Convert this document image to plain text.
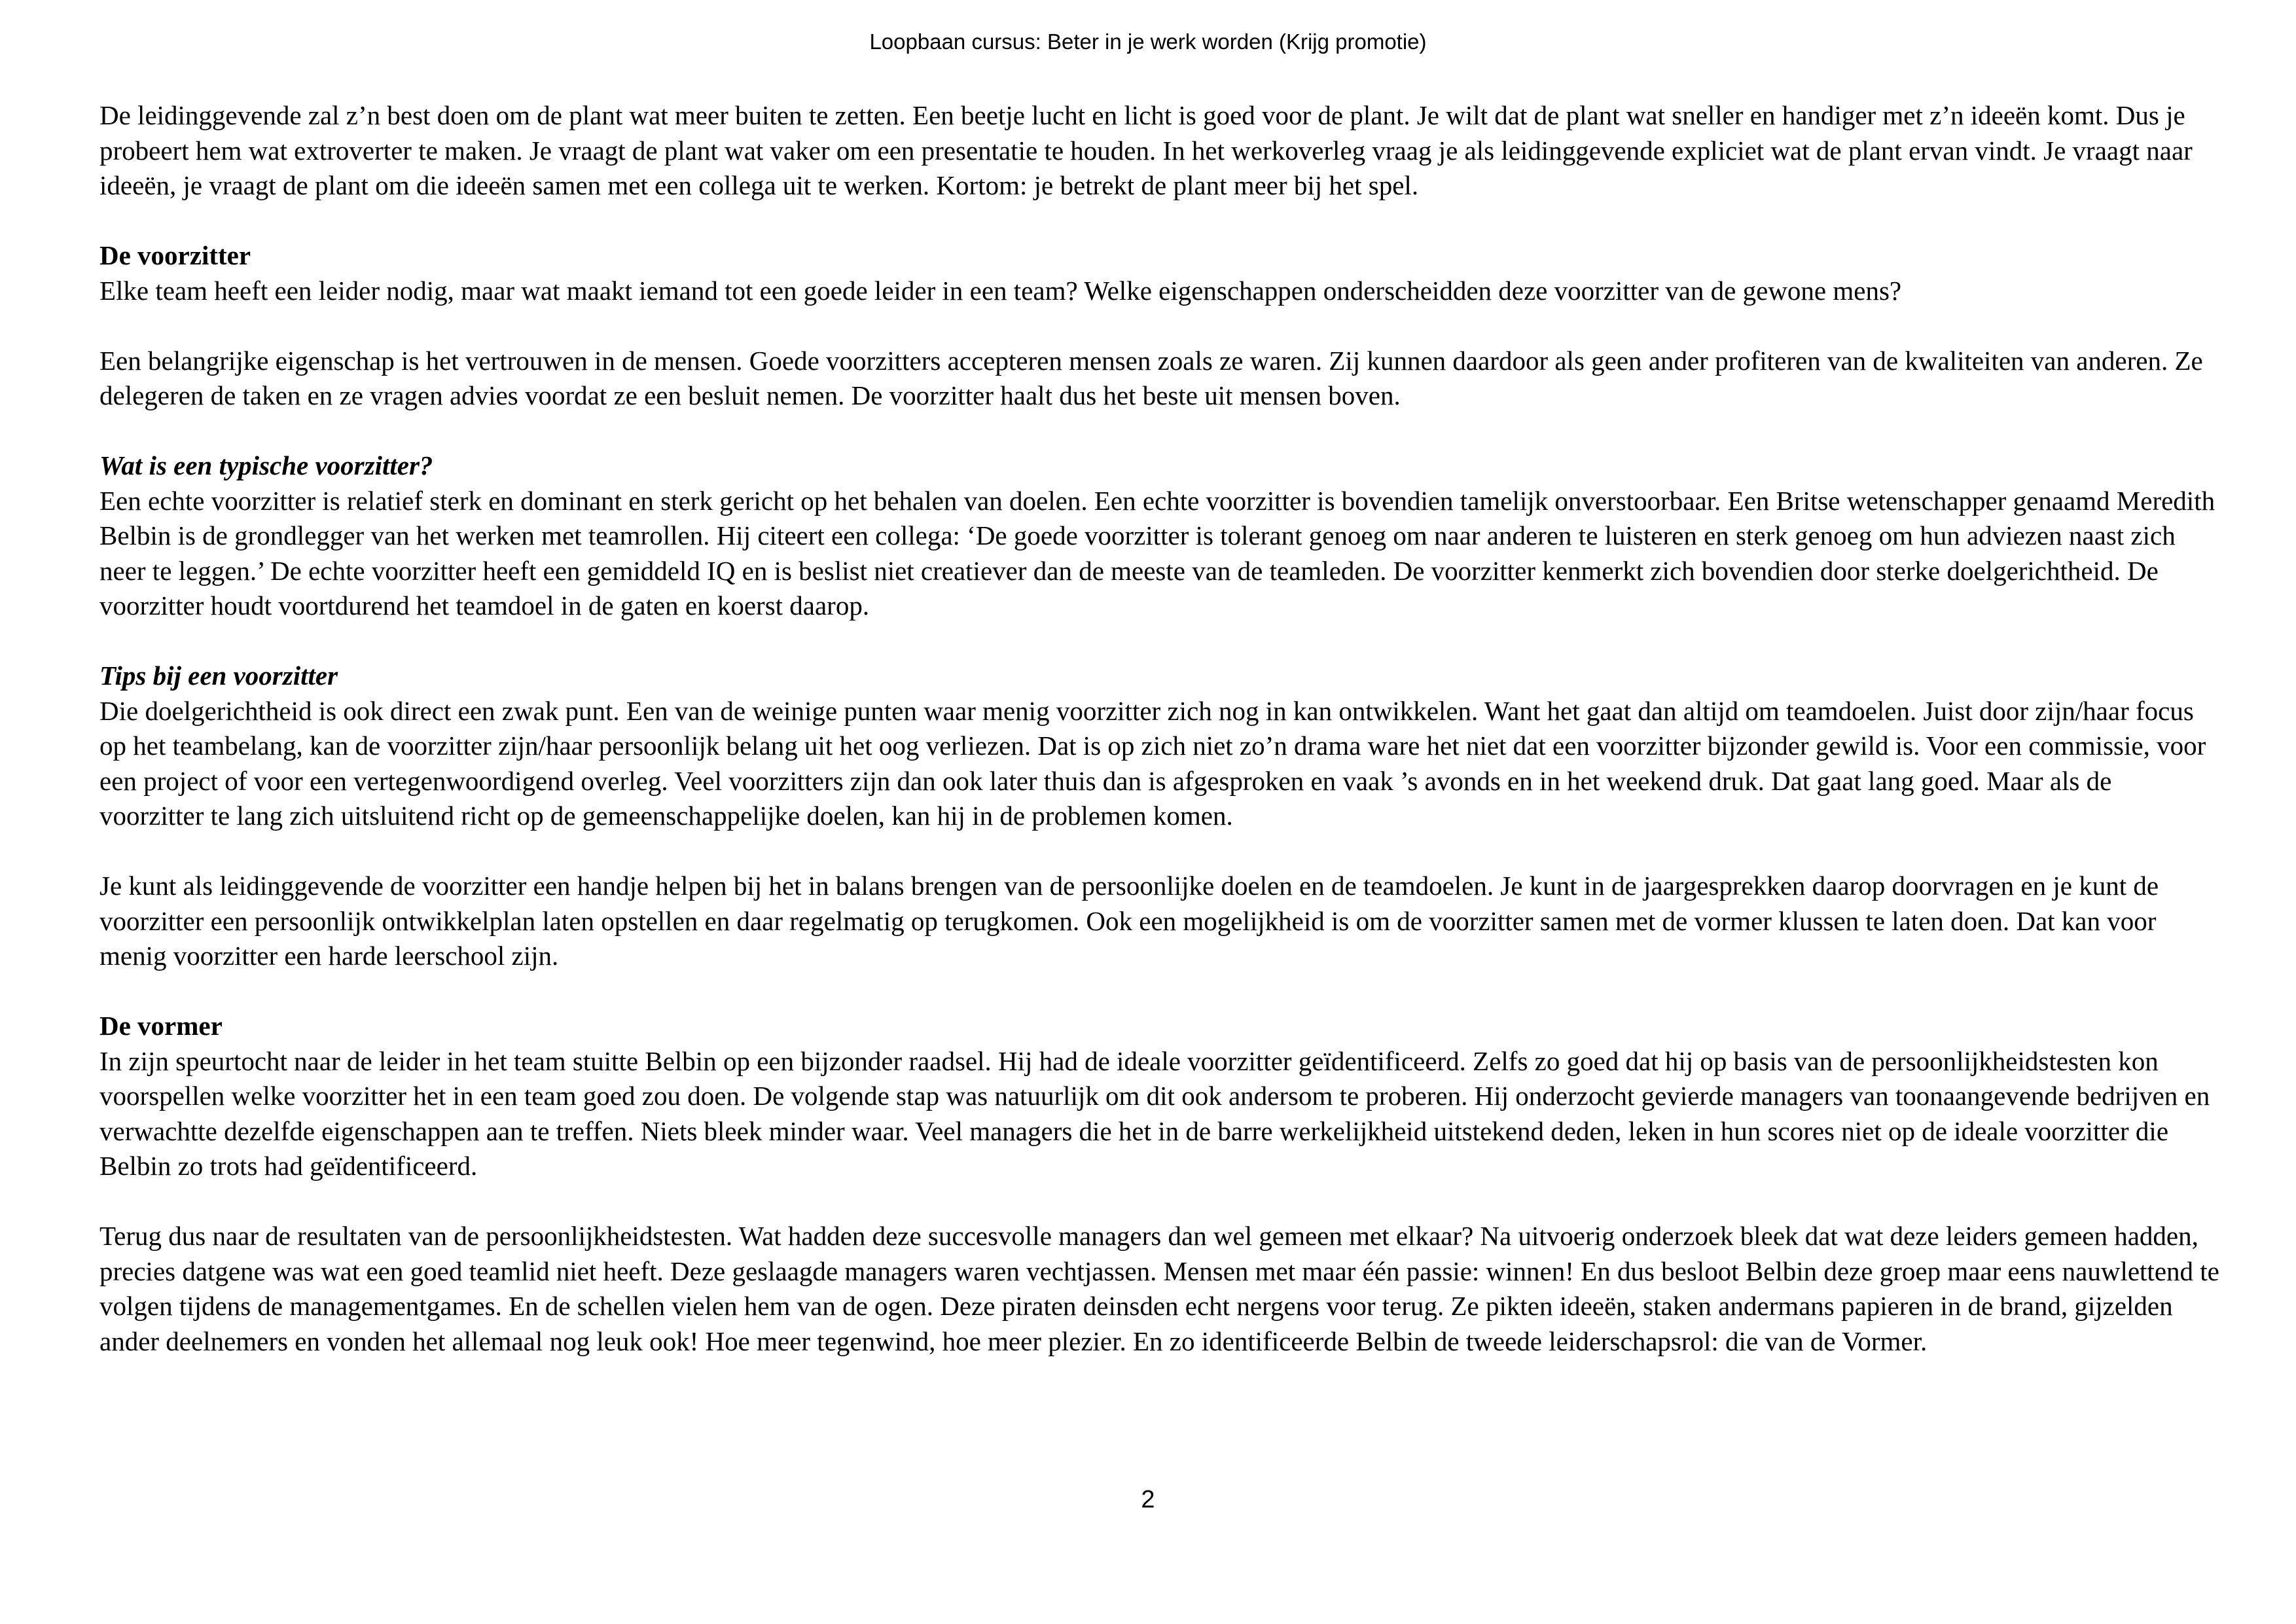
Loopbaan cursus: Beter in je werk worden (Krijg promotie)

De leidinggevende zal z’n best doen om de plant wat meer buiten te zetten. Een beetje lucht en licht is goed voor de plant. Je wilt dat de plant wat sneller en handiger met z’n ideeën komt. Dus je probeert hem wat extroverter te maken. Je vraagt de plant wat vaker om een presentatie te houden. In het werkoverleg vraag je als leidinggevende expliciet wat de plant ervan vindt. Je vraagt naar ideeën, je vraagt de plant om die ideeën samen met een collega uit te werken. Kortom: je betrekt de plant meer bij het spel.

De voorzitter

Elke team heeft een leider nodig, maar wat maakt iemand tot een goede leider in een team? Welke eigenschappen onderscheidden deze voorzitter van de gewone mens?

Een belangrijke eigenschap is het vertrouwen in de mensen. Goede voorzitters accepteren mensen zoals ze waren. Zij kunnen daardoor als geen ander profiteren van de kwaliteiten van anderen. Ze delegeren de taken en ze vragen advies voordat ze een besluit nemen. De voorzitter haalt dus het beste uit mensen boven.

Wat is een typische voorzitter?

Een echte voorzitter is relatief sterk en dominant en sterk gericht op het behalen van doelen. Een echte voorzitter is bovendien tamelijk onverstoorbaar. Een Britse wetenschapper genaamd Meredith Belbin is de grondlegger van het werken met teamrollen. Hij citeert een collega: ‘De goede voorzitter is tolerant genoeg om naar anderen te luisteren en sterk genoeg om hun adviezen naast zich neer te leggen.’ De echte voorzitter heeft een gemiddeld IQ en is beslist niet creatiever dan de meeste van de teamleden. De voorzitter kenmerkt zich bovendien door sterke doelgerichtheid. De voorzitter houdt voortdurend het teamdoel in de gaten en koerst daarop.

Tips bij een voorzitter

Die doelgerichtheid is ook direct een zwak punt. Een van de weinige punten waar menig voorzitter zich nog in kan ontwikkelen. Want het gaat dan altijd om teamdoelen. Juist door zijn/haar focus op het teambelang, kan de voorzitter zijn/haar persoonlijk belang uit het oog verliezen. Dat is op zich niet zo’n drama ware het niet dat een voorzitter bijzonder gewild is. Voor een commissie, voor een project of voor een vertegenwoordigend overleg. Veel voorzitters zijn dan ook later thuis dan is afgesproken en vaak ’s avonds en in het weekend druk. Dat gaat lang goed. Maar als de voorzitter te lang zich uitsluitend richt op de gemeenschappelijke doelen, kan hij in de problemen komen.

Je kunt als leidinggevende de voorzitter een handje helpen bij het in balans brengen van de persoonlijke doelen en de teamdoelen. Je kunt in de jaargesprekken daarop doorvragen en je kunt de voorzitter een persoonlijk ontwikkelplan laten opstellen en daar regelmatig op terugkomen. Ook een mogelijkheid is om de voorzitter samen met de vormer klussen te laten doen. Dat kan voor menig voorzitter een harde leerschool zijn.

De vormer

In zijn speurtocht naar de leider in het team stuitte Belbin op een bijzonder raadsel. Hij had de ideale voorzitter geïdentificeerd. Zelfs zo goed dat hij op basis van de persoonlijkheidstesten kon voorspellen welke voorzitter het in een team goed zou doen. De volgende stap was natuurlijk om dit ook andersom te proberen. Hij onderzocht gevierde managers van toonaangevende bedrijven en verwachtte dezelfde eigenschappen aan te treffen. Niets bleek minder waar. Veel managers die het in de barre werkelijkheid uitstekend deden, leken in hun scores niet op de ideale voorzitter die Belbin zo trots had geïdentificeerd.

Terug dus naar de resultaten van de persoonlijkheidstesten. Wat hadden deze succesvolle managers dan wel gemeen met elkaar? Na uitvoerig onderzoek bleek dat wat deze leiders gemeen hadden, precies datgene was wat een goed teamlid niet heeft. Deze geslaagde managers waren vechtjassen. Mensen met maar één passie: winnen! En dus besloot Belbin deze groep maar eens nauwlettend te volgen tijdens de managementgames. En de schellen vielen hem van de ogen. Deze piraten deinsden echt nergens voor terug. Ze pikten ideeën, staken andermans papieren in de brand, gijzelden ander deelnemers en vonden het allemaal nog leuk ook! Hoe meer tegenwind, hoe meer plezier. En zo identificeerde Belbin de tweede leiderschapsrol: die van de Vormer.

2
